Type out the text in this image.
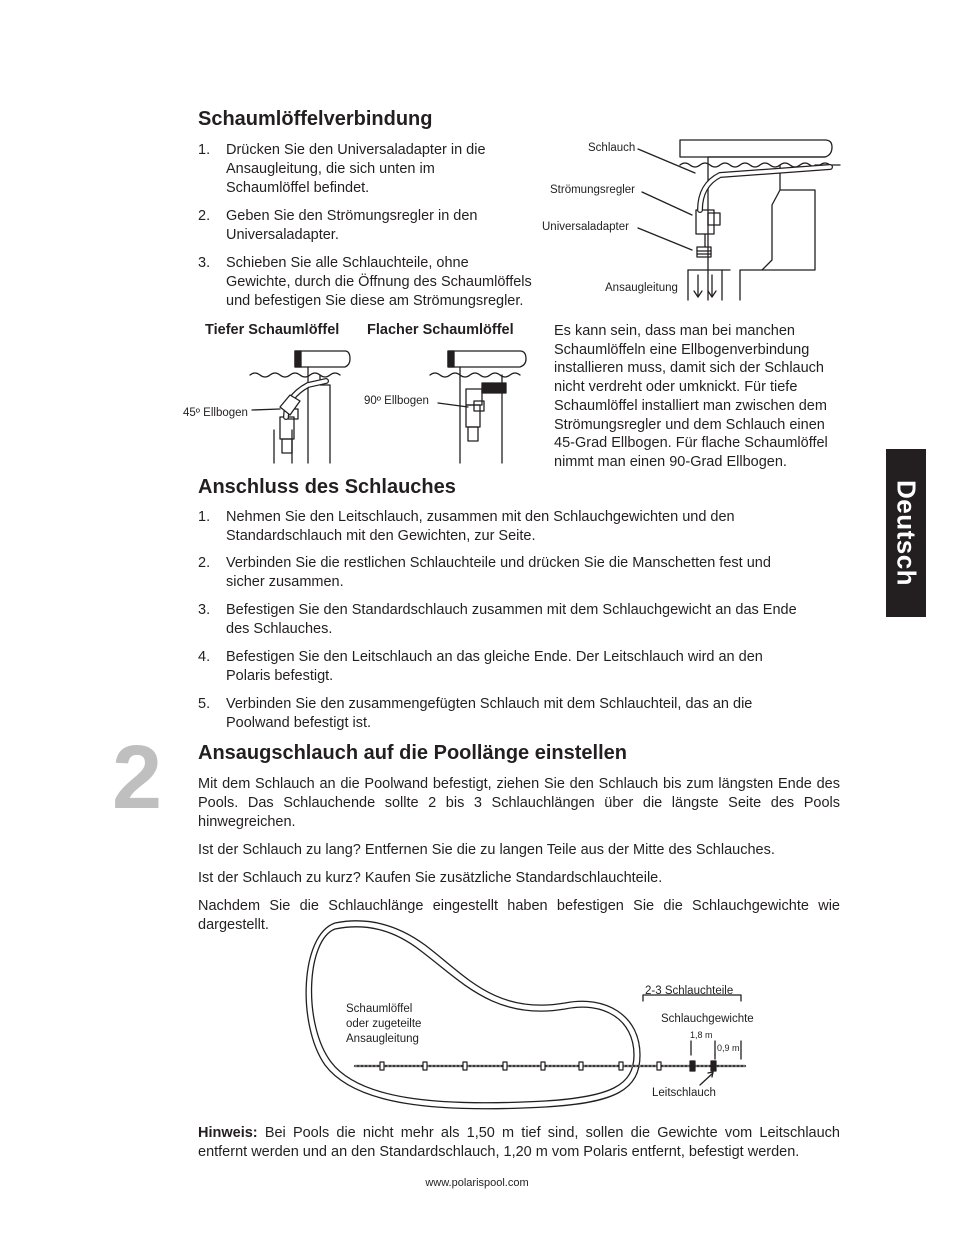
Schaumlöffelverbindung
1. Drücken Sie den Universaladapter in die
Ansaugleitung, die sich unten im
Schaumlöffel befindet.
2. Geben Sie den Strömungsregler in den
Universaladapter.
3. Schieben Sie alle Schlauchteile, ohne
Gewichte, durch die Öffnung des Schaumlöffels
und befestigen Sie diese am Strömungsregler.
Schlauch
Strömungsregler
Universaladapter
Ansaugleitung
Tiefer Schaumlöffel Flacher Schaumlöffel
45º Ellbogen
90º Ellbogen
Es kann sein, dass man bei manchen
Schaumlöffeln eine Ellbogenverbindung
installieren muss, damit sich der Schlauch
nicht verdreht oder umknickt. Für tiefe
Schaumlöffel installiert man zwischen dem
Strömungsregler und dem Schlauch einen
45-Grad Ellbogen. Für flache Schaumlöffel
nimmt man einen 90-Grad Ellbogen.
Deutsch
Anschluss des Schlauches
1. Nehmen Sie den Leitschlauch, zusammen mit den Schlauchgewichten und den
Standardschlauch mit den Gewichten, zur Seite.
2. Verbinden Sie die restlichen Schlauchteile und drücken Sie die Manschetten fest und
sicher zusammen.
3. Befestigen Sie den Standardschlauch zusammen mit dem Schlauchgewicht an das Ende
des Schlauches.
4. Befestigen Sie den Leitschlauch an das gleiche Ende. Der Leitschlauch wird an den
Polaris befestigt.
5. Verbinden Sie den zusammengefügten Schlauch mit dem Schlauchteil, das an die
Poolwand befestigt ist.
2 Ansaugschlauch auf die Poollänge einstellen
Mit dem Schlauch an die Poolwand befestigt, ziehen Sie den Schlauch bis zum längsten Ende des Pools. Das Schlauchende sollte 2 bis 3 Schlauchlängen über die längste Seite des Pools hinwegreichen.
Ist der Schlauch zu lang? Entfernen Sie die zu langen Teile aus der Mitte des Schlauches.
Ist der Schlauch zu kurz? Kaufen Sie zusätzliche Standardschlauchteile.
Nachdem Sie die Schlauchlänge eingestellt haben befestigen Sie die Schlauchgewichte wie dargestellt.
Schaumlöffel
oder zugeteilte
Ansaugleitung
2-3 Schlauchteile
Schlauchgewichte
1,8 m
0,9 m
Leitschlauch
Hinweis: Bei Pools die nicht mehr als 1,50 m tief sind, sollen die Gewichte vom Leitschlauch entfernt werden und an den Standardschlauch, 1,20 m vom Polaris entfernt, befestigt werden.
www.polarispool.com
